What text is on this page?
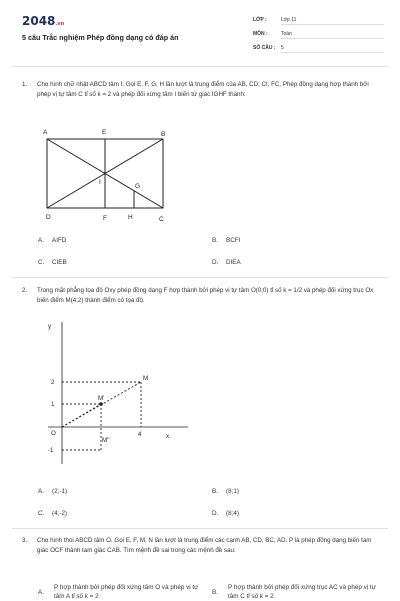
2048.vn
5 câu Trắc nghiệm Phép đồng dạng có đáp án
LỚP :	Lớp 11
MÔN :	Toán
SỐ CÂU : 5
1. Cho hình chữ nhật ABCD tâm I. Gọi E, F, G, H lần lượt là trung điểm của AB, CD, CI, FC. Phép đồng dạng hợp thành bởi phép vị tự tâm C tỉ số k = 2 và phép đối xứng tâm I biến tứ giác IGHF thành:
A	E	B
I
G
D	F	H	C
A. AIFD	B. BCFI
C. CIEB	D. DIEA
2. Trong mặt phẳng tọa độ Oxy phép đồng dạng F hợp thành bởi phép vị tự tâm O(0;0) tỉ số k = 1/2 và phép đối xứng trục Ox biến điểm M(4;2) thành điểm có tọa độ.
y
x
O
2
1
-1
4
M
M'
M''
A. (2;-1)	B. (8;1)
C. (4;-2)	D. (8;4)
3. Cho hình thoi ABCD tâm O. Gọi E, F, M, N lần lượt là trung điểm các cạnh AB, CD, BC, AD. P là phép đồng dạng biến tam giác OCF thành tam giác CAB. Tìm mệnh đề sai trong các mệnh đề sau:
A.
P hợp thành bởi phép đối xứng tâm O và phép vị tự tâm A tỉ số k = 2
B.
P hợp thành bởi phép đối xứng trục AC và phép vị tự tâm C tỉ số k = 2
